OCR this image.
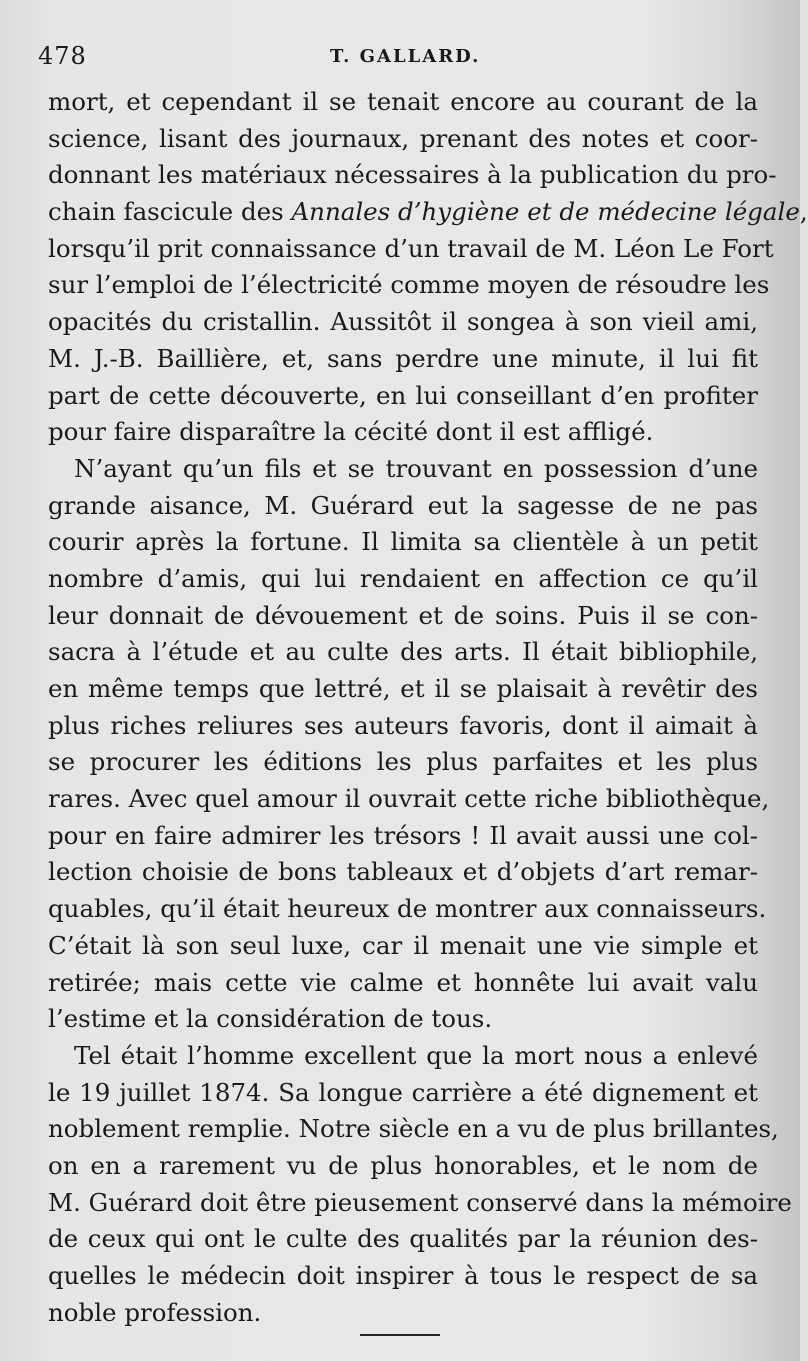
478	T. GALLARD.
mort, et cependant il se tenait encore au courant de la
science, lisant des journaux, prenant des notes et coor-
donnant les matériaux nécessaires à la publication du pro-
chain fascicule des Annales d’hygiène et de médecine légale,
lorsqu’il prit connaissance d’un travail de M. Léon Le Fort
sur l’emploi de l’électricité comme moyen de résoudre les
opacités du cristallin. Aussitôt il songea à son vieil ami,
M. J.-B. Baillière, et, sans perdre une minute, il lui fit
part de cette découverte, en lui conseillant d’en profiter
pour faire disparaître la cécité dont il est affligé.
N’ayant qu’un fils et se trouvant en possession d’une
grande aisance, M. Guérard eut la sagesse de ne pas
courir après la fortune. Il limita sa clientèle à un petit
nombre d’amis, qui lui rendaient en affection ce qu’il
leur donnait de dévouement et de soins. Puis il se con-
sacra à l’étude et au culte des arts. Il était bibliophile,
en même temps que lettré, et il se plaisait à revêtir des
plus riches reliures ses auteurs favoris, dont il aimait à
se procurer les éditions les plus parfaites et les plus
rares. Avec quel amour il ouvrait cette riche bibliothèque,
pour en faire admirer les trésors ! Il avait aussi une col-
lection choisie de bons tableaux et d’objets d’art remar-
quables, qu’il était heureux de montrer aux connaisseurs.
C’était là son seul luxe, car il menait une vie simple et
retirée; mais cette vie calme et honnête lui avait valu
l’estime et la considération de tous.
Tel était l’homme excellent que la mort nous a enlevé
le 19 juillet 1874. Sa longue carrière a été dignement et
noblement remplie. Notre siècle en a vu de plus brillantes,
on en a rarement vu de plus honorables, et le nom de
M. Guérard doit être pieusement conservé dans la mémoire
de ceux qui ont le culte des qualités par la réunion des-
quelles le médecin doit inspirer à tous le respect de sa
noble profession.
